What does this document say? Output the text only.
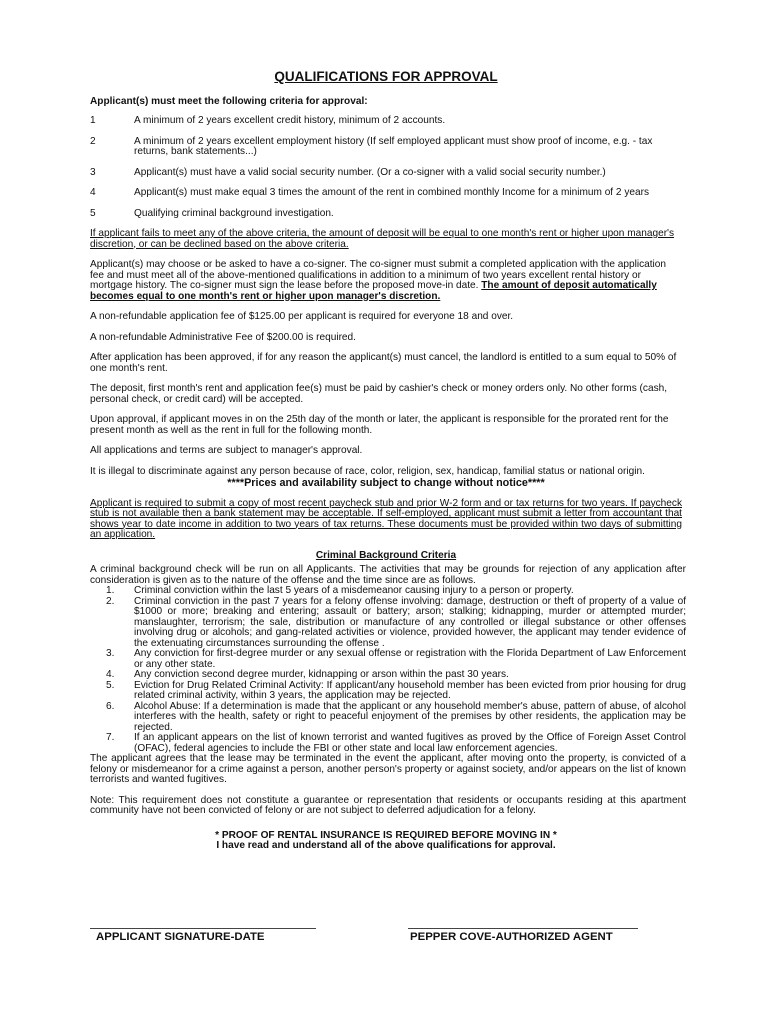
QUALIFICATIONS FOR APPROVAL
Applicant(s) must meet the following criteria for approval:
1	A minimum of 2 years excellent credit history, minimum of 2 accounts.
2	A minimum of 2 years excellent employment history (If self employed applicant must show proof of income, e.g. - tax returns, bank statements...)
3	Applicant(s) must have a valid social security number. (Or a co-signer with a valid social security number.)
4	Applicant(s) must make equal 3 times the amount of the rent in combined monthly Income for a minimum of 2 years
5	Qualifying criminal background investigation.
If applicant fails to meet any of the above criteria, the amount of deposit will be equal to one month's rent or higher upon manager's discretion, or can be declined based on the above criteria.
Applicant(s) may choose or be asked to have a co-signer. The co-signer must submit a completed application with the application fee and must meet all of the above-mentioned qualifications in addition to a minimum of two years excellent rental history or mortgage history. The co-signer must sign the lease before the proposed move-in date. The amount of deposit automatically becomes equal to one month's rent or higher upon manager's discretion.
A non-refundable application fee of $125.00 per applicant is required for everyone 18 and over.
A non-refundable Administrative Fee of $200.00 is required.
After application has been approved, if for any reason the applicant(s) must cancel, the landlord is entitled to a sum equal to 50% of one month's rent.
The deposit, first month's rent and application fee(s) must be paid by cashier's check or money orders only. No other forms (cash, personal check, or credit card) will be accepted.
Upon approval, if applicant moves in on the 25th day of the month or later, the applicant is responsible for the prorated rent for the present month as well as the rent in full for the following month.
All applications and terms are subject to manager's approval.
It is illegal to discriminate against any person because of race, color, religion, sex, handicap, familial status or national origin.
****Prices and availability subject to change without notice****
Applicant is required to submit a copy of most recent paycheck stub and prior W-2 form and or tax returns for two years. If paycheck stub is not available then a bank statement may be acceptable. If self-employed, applicant must submit a letter from accountant that shows year to date income in addition to two years of tax returns. These documents must be provided within two days of submitting an application.
Criminal Background Criteria
A criminal background check will be run on all Applicants. The activities that may be grounds for rejection of any application after consideration is given as to the nature of the offense and the time since are as follows.
1.	Criminal conviction within the last 5 years of a misdemeanor causing injury to a person or property.
2.	Criminal conviction in the past 7 years for a felony offense involving: damage, destruction or theft of property of a value of $1000 or more; breaking and entering; assault or battery; arson; stalking; kidnapping, murder or attempted murder; manslaughter, terrorism; the sale, distribution or manufacture of any controlled or illegal substance or other offenses involving drug or alcohols; and gang-related activities or violence, provided however, the applicant may tender evidence of the extenuating circumstances surrounding the offense .
3.	Any conviction for first-degree murder or any sexual offense or registration with the Florida Department of Law Enforcement or any other state.
4.	Any conviction second degree murder, kidnapping or arson within the past 30 years.
5.	Eviction for Drug Related Criminal Activity: If applicant/any household member has been evicted from prior housing for drug related criminal activity, within 3 years, the application may be rejected.
6.	Alcohol Abuse: If a determination is made that the applicant or any household member's abuse, pattern of abuse, of alcohol interferes with the health, safety or right to peaceful enjoyment of the premises by other residents, the application may be rejected.
7.	If an applicant appears on the list of known terrorist and wanted fugitives as proved by the Office of Foreign Asset Control (OFAC), federal agencies to include the FBI or other state and local law enforcement agencies.
The applicant agrees that the lease may be terminated in the event the applicant, after moving onto the property, is convicted of a felony or misdemeanor for a crime against a person, another person's property or against society, and/or appears on the list of known terrorists and wanted fugitives.
Note: This requirement does not constitute a guarantee or representation that residents or occupants residing at this apartment community have not been convicted of felony or are not subject to deferred adjudication for a felony.
* PROOF OF RENTAL INSURANCE IS REQUIRED BEFORE MOVING IN *
I have read and understand all of the above qualifications for approval.
APPLICANT SIGNATURE-DATE	PEPPER COVE-AUTHORIZED AGENT
